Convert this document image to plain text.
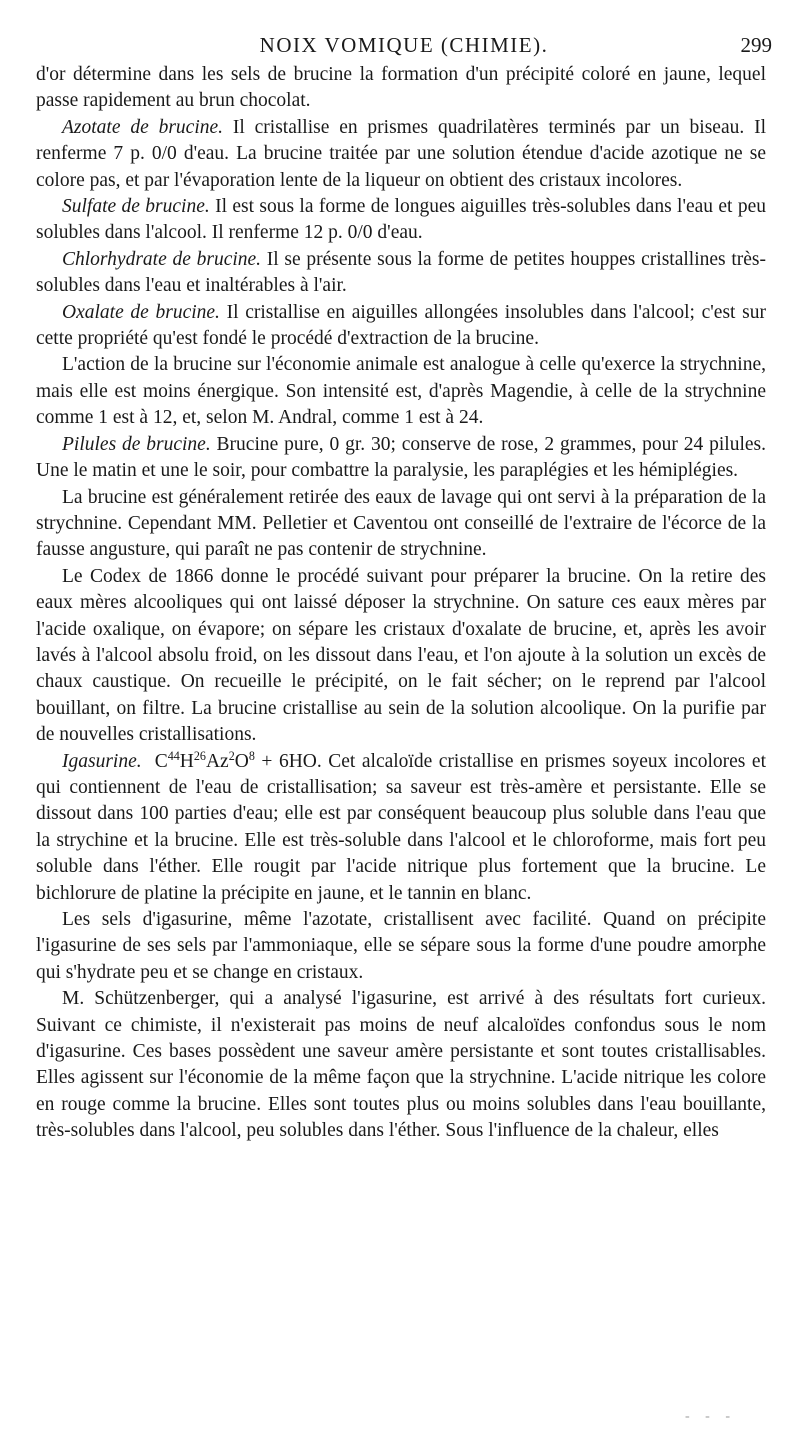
NOIX VOMIQUE (CHIMIE).	299

d'or détermine dans les sels de brucine la formation d'un précipité coloré en jaune, lequel passe rapidement au brun chocolat.

Azotate de brucine. Il cristallise en prismes quadrilatères terminés par un biseau. Il renferme 7 p. 0/0 d'eau. La brucine traitée par une solution étendue d'acide azotique ne se colore pas, et par l'évaporation lente de la liqueur on obtient des cristaux incolores.

Sulfate de brucine. Il est sous la forme de longues aiguilles très-solubles dans l'eau et peu solubles dans l'alcool. Il renferme 12 p. 0/0 d'eau.

Chlorhydrate de brucine. Il se présente sous la forme de petites houppes cristallines très-solubles dans l'eau et inaltérables à l'air.

Oxalate de brucine. Il cristallise en aiguilles allongées insolubles dans l'alcool; c'est sur cette propriété qu'est fondé le procédé d'extraction de la brucine.

L'action de la brucine sur l'économie animale est analogue à celle qu'exerce la strychnine, mais elle est moins énergique. Son intensité est, d'après Magendie, à celle de la strychnine comme 1 est à 12, et, selon M. Andral, comme 1 est à 24.

Pilules de brucine. Brucine pure, 0 gr. 30; conserve de rose, 2 grammes, pour 24 pilules. Une le matin et une le soir, pour combattre la paralysie, les paraplégies et les hémiplégies.

La brucine est généralement retirée des eaux de lavage qui ont servi à la préparation de la strychnine. Cependant MM. Pelletier et Caventou ont conseillé de l'extraire de l'écorce de la fausse angusture, qui paraît ne pas contenir de strychnine.

Le Codex de 1866 donne le procédé suivant pour préparer la brucine. On la retire des eaux mères alcooliques qui ont laissé déposer la strychnine. On sature ces eaux mères par l'acide oxalique, on évapore; on sépare les cristaux d'oxalate de brucine, et, après les avoir lavés à l'alcool absolu froid, on les dissout dans l'eau, et l'on ajoute à la solution un excès de chaux caustique. On recueille le précipité, on le fait sécher; on le reprend par l'alcool bouillant, on filtre. La brucine cristallise au sein de la solution alcoolique. On la purifie par de nouvelles cristallisations.

Igasurine. $C^{44}H^{26}Az^2O^8 + 6HO$. Cet alcaloïde cristallise en prismes soyeux incolores et qui contiennent de l'eau de cristallisation; sa saveur est très-amère et persistante. Elle se dissout dans 100 parties d'eau; elle est par conséquent beaucoup plus soluble dans l'eau que la strychine et la brucine. Elle est très-soluble dans l'alcool et le chloroforme, mais fort peu soluble dans l'éther. Elle rougit par l'acide nitrique plus fortement que la brucine. Le bichlorure de platine la précipite en jaune, et le tannin en blanc.

Les sels d'igasurine, même l'azotate, cristallisent avec facilité. Quand on précipite l'igasurine de ses sels par l'ammoniaque, elle se sépare sous la forme d'une poudre amorphe qui s'hydrate peu et se change en cristaux.

M. Schützenberger, qui a analysé l'igasurine, est arrivé à des résultats fort curieux. Suivant ce chimiste, il n'existerait pas moins de neuf alcaloïdes confondus sous le nom d'igasurine. Ces bases possèdent une saveur amère persistante et sont toutes cristallisables. Elles agissent sur l'économie de la même façon que la strychnine. L'acide nitrique les colore en rouge comme la brucine. Elles sont toutes plus ou moins solubles dans l'eau bouillante, très-solubles dans l'alcool, peu solubles dans l'éther. Sous l'influence de la chaleur, elles

- - -
